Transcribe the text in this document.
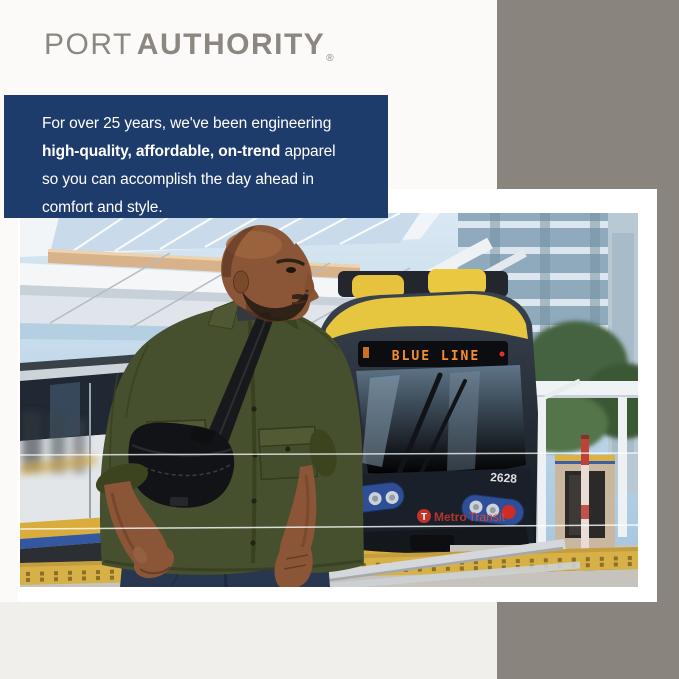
BLUE LINE
2628
T Metro Transit
For over 25 years, we've been engineering
high-quality, affordable, on-trend apparel
so you can accomplish the day ahead in
comfort and style.
PORT $AUTHORITY_®$
